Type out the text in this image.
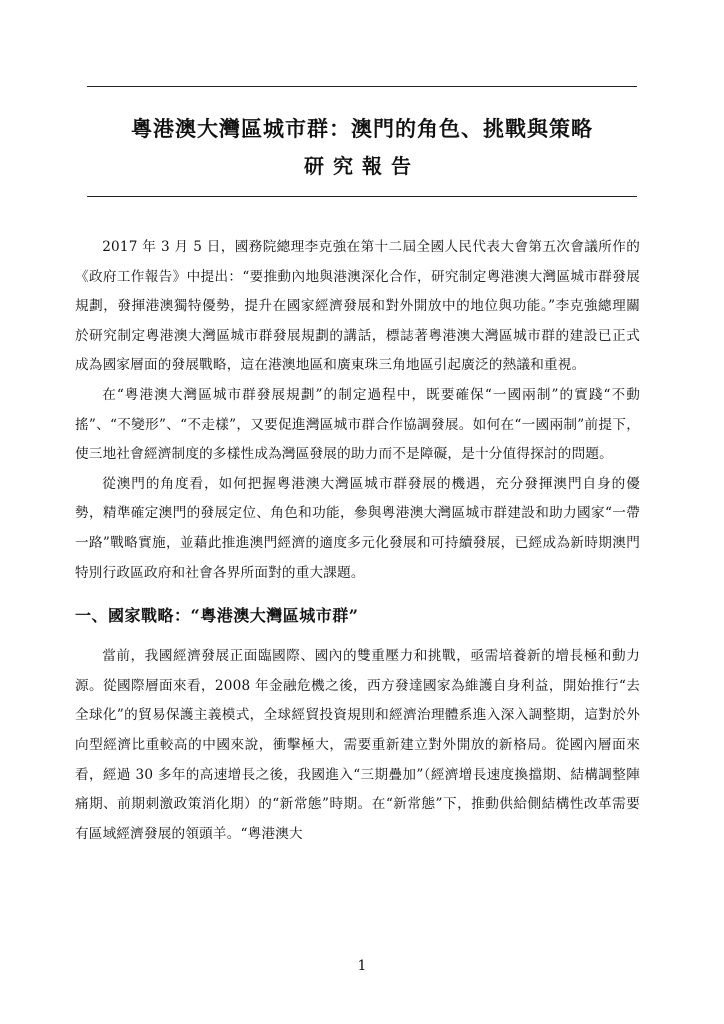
粵港澳大灣區城市群：澳門的角色、挑戰與策略
研究報告

2017 年 3 月 5 日，國務院總理李克強在第十二屆全國人民代表大會第五次會議所作的《政府工作報告》中提出：“要推動內地與港澳深化合作，研究制定粵港澳大灣區城市群發展規劃，發揮港澳獨特優勢，提升在國家經濟發展和對外開放中的地位與功能。”李克強總理關於研究制定粵港澳大灣區城市群發展規劃的講話，標誌著粵港澳大灣區城市群的建設已正式成為國家層面的發展戰略，這在港澳地區和廣東珠三角地區引起廣泛的熱議和重視。

在“粵港澳大灣區城市群發展規劃”的制定過程中，既要確保“一國兩制”的實踐“不動搖”、“不變形”、“不走樣”，又要促進灣區城市群合作協調發展。如何在“一國兩制”前提下，使三地社會經濟制度的多樣性成為灣區發展的助力而不是障礙，是十分值得探討的問題。

從澳門的角度看，如何把握粵港澳大灣區城市群發展的機遇，充分發揮澳門自身的優勢，精準確定澳門的發展定位、角色和功能，參與粵港澳大灣區城市群建設和助力國家“一帶一路”戰略實施，並藉此推進澳門經濟的適度多元化發展和可持續發展，已經成為新時期澳門特別行政區政府和社會各界所面對的重大課題。

一、國家戰略：“粵港澳大灣區城市群”

當前，我國經濟發展正面臨國際、國內的雙重壓力和挑戰，亟需培養新的增長極和動力源。從國際層面來看，2008 年金融危機之後，西方發達國家為維護自身利益，開始推行“去全球化”的貿易保護主義模式，全球經貿投資規則和經濟治理體系進入深入調整期，這對於外向型經濟比重較高的中國來說，衝擊極大，需要重新建立對外開放的新格局。從國內層面來看，經過 30 多年的高速增長之後，我國進入“三期疊加”（經濟增長速度換擋期、結構調整陣痛期、前期刺激政策消化期）的“新常態”時期。在“新常態”下，推動供給側結構性改革需要有區域經濟發展的領頭羊。“粵港澳大

1
